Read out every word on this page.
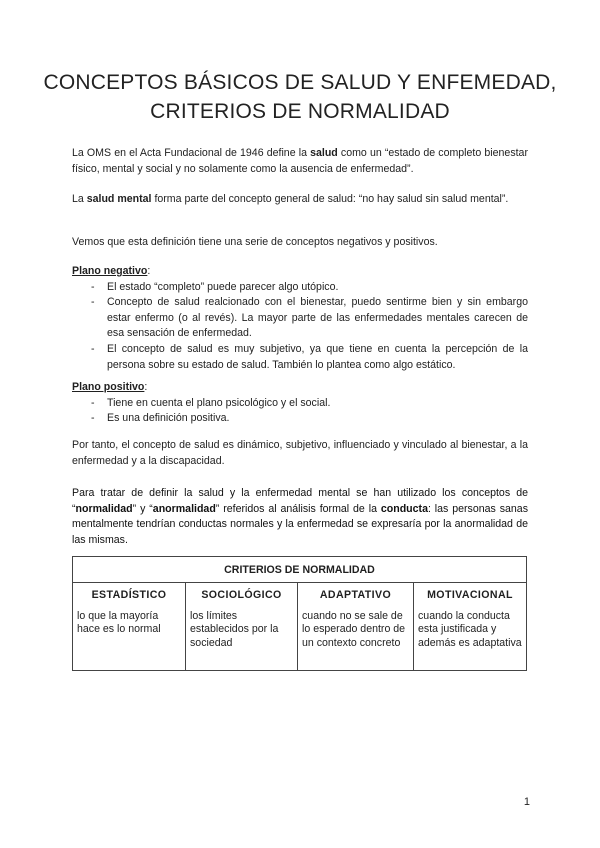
CONCEPTOS BÁSICOS DE SALUD Y ENFEMEDAD, CRITERIOS DE NORMALIDAD

La OMS en el Acta Fundacional de 1946 define la salud como un “estado de completo bienestar físico, mental y social y no solamente como la ausencia de enfermedad”.

La salud mental forma parte del concepto general de salud: “no hay salud sin salud mental”.

Vemos que esta definición tiene una serie de conceptos negativos y positivos.

Plano negativo:
- El estado “completo” puede parecer algo utópico.
- Concepto de salud realcionado con el bienestar, puedo sentirme bien y sin embargo estar enfermo (o al revés). La mayor parte de las enfermedades mentales carecen de esa sensación de enfermedad.
- El concepto de salud es muy subjetivo, ya que tiene en cuenta la percepción de la persona sobre su estado de salud. También lo plantea como algo estático.
Plano positivo:
- Tiene en cuenta el plano psicológico y el social.
- Es una definición positiva.

Por tanto, el concepto de salud es dinámico, subjetivo, influenciado y vinculado al bienestar, a la enfermedad y a la discapacidad.

Para tratar de definir la salud y la enfermedad mental se han utilizado los conceptos de “normalidad” y “anormalidad” referidos al análisis formal de la conducta: las personas sanas mentalmente tendrían conductas normales y la enfermedad se expresaría por la anormalidad de las mismas.

CRITERIOS DE NORMALIDAD
ESTADÍSTICO
lo que la mayoría hace es lo normal
SOCIOLÓGICO
los límites establecidos por la sociedad
ADAPTATIVO
cuando no se sale de lo esperado dentro de un contexto concreto
MOTIVACIONAL
cuando la conducta esta justificada y además es adaptativa
1
